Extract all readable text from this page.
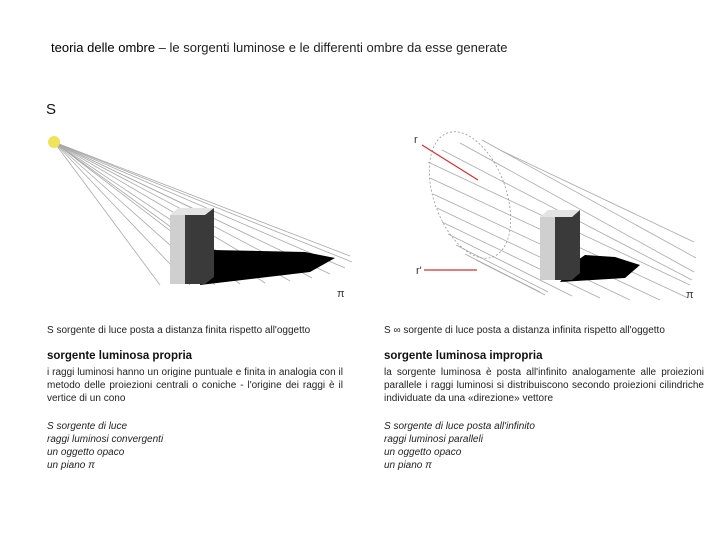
teoria delle ombre – le sorgenti luminose e le differenti ombre da esse generate
S
π
r
r'
π
S sorgente di luce posta a distanza finita rispetto all'oggetto
sorgente luminosa propria
i raggi luminosi hanno un origine puntuale e finita in analogia con il metodo delle proiezioni centrali o coniche - l'origine dei raggi è il vertice di un cono
S sorgente di luce
raggi luminosi convergenti
un oggetto opaco
un piano π
S ∞ sorgente di luce posta a distanza infinita rispetto all'oggetto
sorgente luminosa impropria
la sorgente luminosa è posta all'infinito analogamente alle proiezioni parallele i raggi luminosi si distribuiscono secondo proiezioni cilindriche individuate da una «direzione» vettore
S sorgente di luce posta all'infinito
raggi luminosi paralleli
un oggetto opaco
un piano π
